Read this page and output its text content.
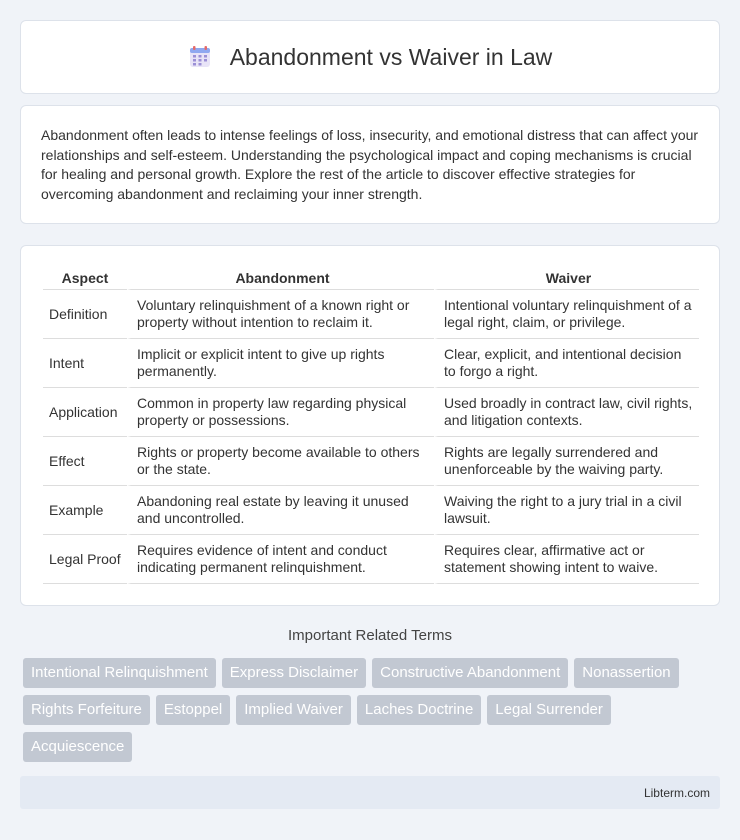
Abandonment vs Waiver in Law

Abandonment often leads to intense feelings of loss, insecurity, and emotional distress that can affect your relationships and self-esteem. Understanding the psychological impact and coping mechanisms is crucial for healing and personal growth. Explore the rest of the article to discover effective strategies for overcoming abandonment and reclaiming your inner strength.

Aspect	Abandonment	Waiver
Definition	Voluntary relinquishment of a known right or property without intention to reclaim it.	Intentional voluntary relinquishment of a legal right, claim, or privilege.
Intent	Implicit or explicit intent to give up rights permanently.	Clear, explicit, and intentional decision to forgo a right.
Application	Common in property law regarding physical property or possessions.	Used broadly in contract law, civil rights, and litigation contexts.
Effect	Rights or property become available to others or the state.	Rights are legally surrendered and unenforceable by the waiving party.
Example	Abandoning real estate by leaving it unused and uncontrolled.	Waiving the right to a jury trial in a civil lawsuit.
Legal Proof	Requires evidence of intent and conduct indicating permanent relinquishment.	Requires clear, affirmative act or statement showing intent to waive.
Important Related Terms
Intentional Relinquishment	Express Disclaimer	Constructive Abandonment	Nonassertion
Rights Forfeiture	Estoppel	Implied Waiver	Laches Doctrine	Legal Surrender
Acquiescence
Libterm.com
